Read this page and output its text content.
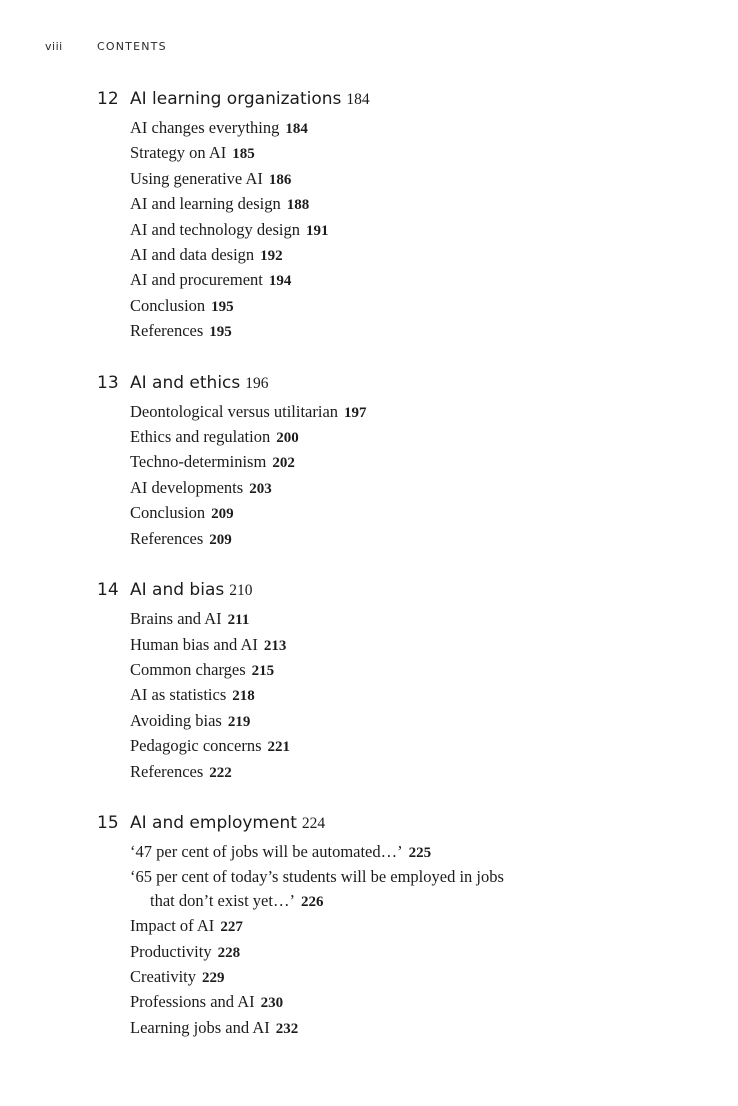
viii	CONTENTS
12 AI learning organizations 184
AI changes everything 184
Strategy on AI 185
Using generative AI 186
AI and learning design 188
AI and technology design 191
AI and data design 192
AI and procurement 194
Conclusion 195
References 195
13 AI and ethics 196
Deontological versus utilitarian 197
Ethics and regulation 200
Techno-determinism 202
AI developments 203
Conclusion 209
References 209
14 AI and bias 210
Brains and AI 211
Human bias and AI 213
Common charges 215
AI as statistics 218
Avoiding bias 219
Pedagogic concerns 221
References 222
15 AI and employment 224
‘47 per cent of jobs will be automated…’ 225
‘65 per cent of today’s students will be employed in jobs
that don’t exist yet…’ 226
Impact of AI 227
Productivity 228
Creativity 229
Professions and AI 230
Learning jobs and AI 232
